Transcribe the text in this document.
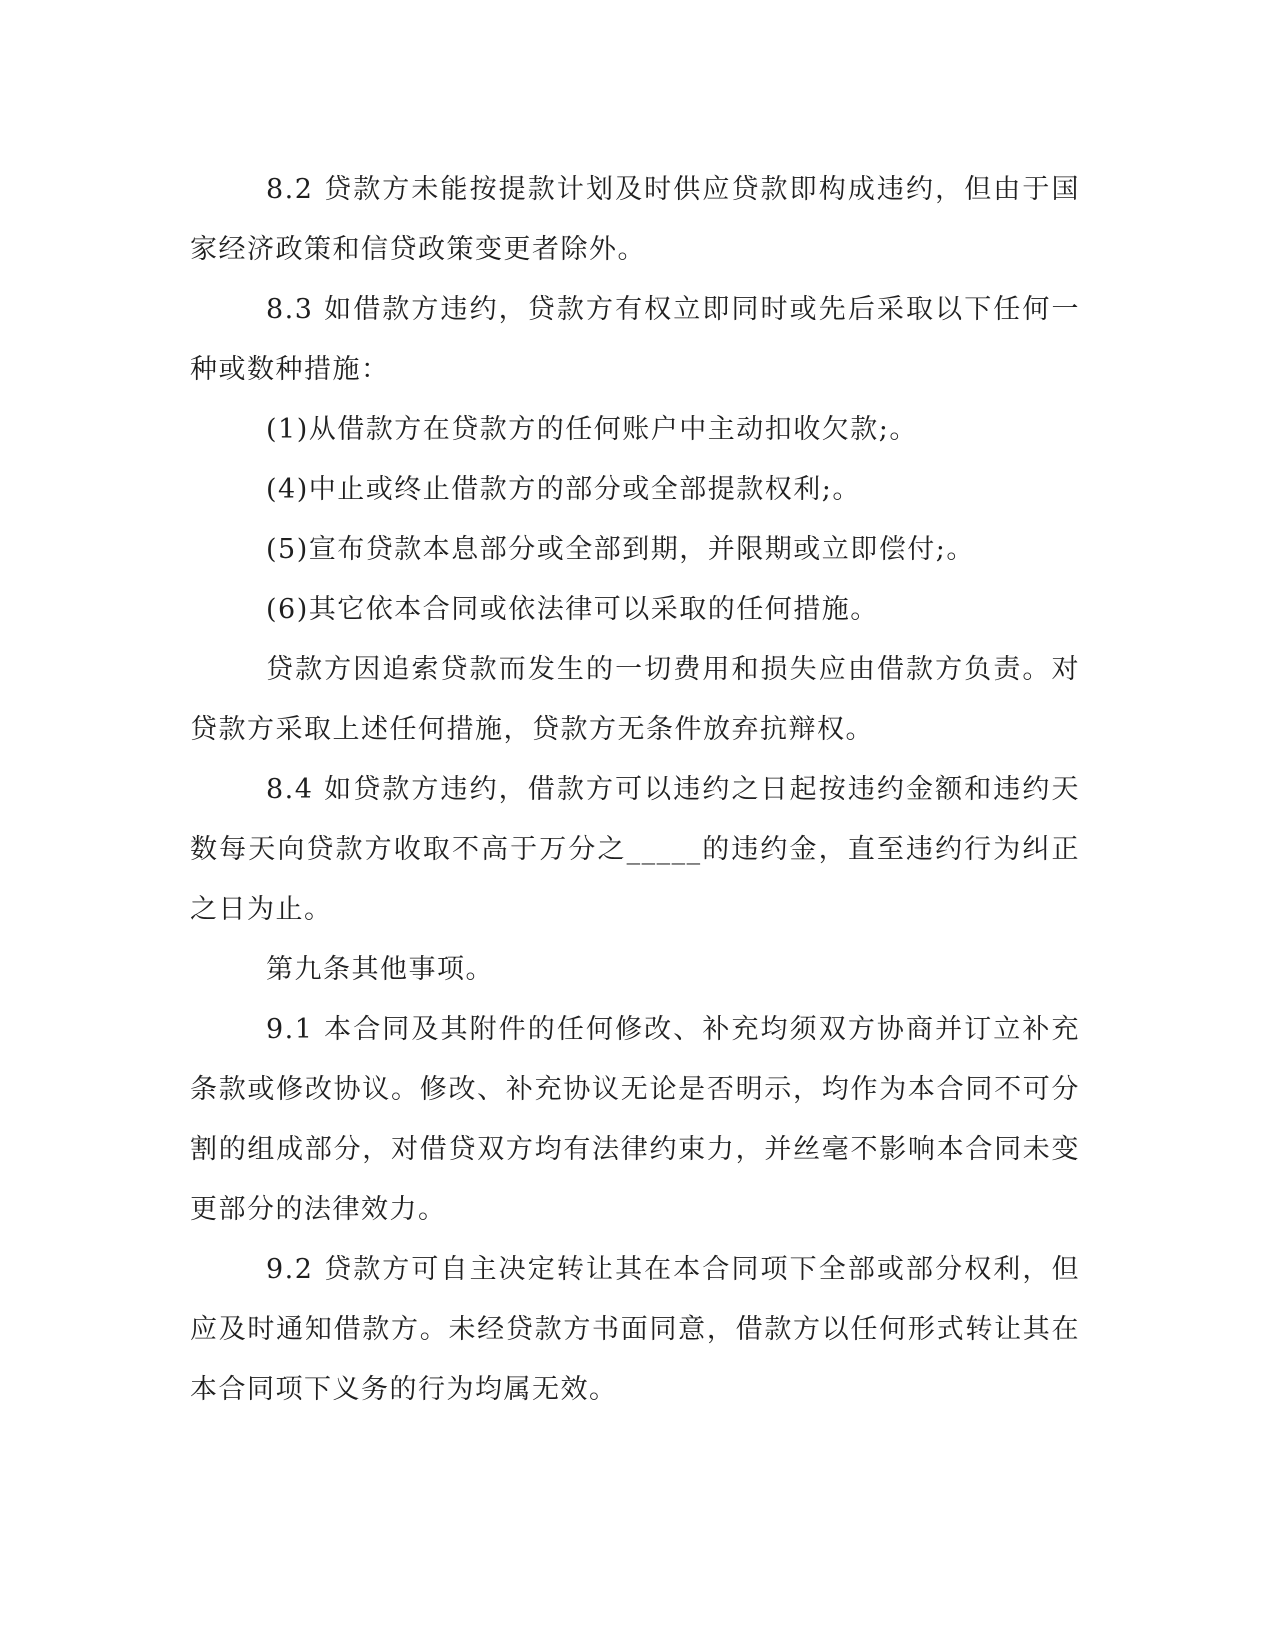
8.2 贷款方未能按提款计划及时供应贷款即构成违约，但由于国家经济政策和信贷政策变更者除外。

8.3 如借款方违约，贷款方有权立即同时或先后采取以下任何一种或数种措施：

(1)从借款方在贷款方的任何账户中主动扣收欠款;。

(4)中止或终止借款方的部分或全部提款权利;。

(5)宣布贷款本息部分或全部到期，并限期或立即偿付;。

(6)其它依本合同或依法律可以采取的任何措施。

贷款方因追索贷款而发生的一切费用和损失应由借款方负责。对贷款方采取上述任何措施，贷款方无条件放弃抗辩权。

8.4 如贷款方违约，借款方可以违约之日起按违约金额和违约天数每天向贷款方收取不高于万分之_____的违约金，直至违约行为纠正之日为止。

第九条其他事项。

9.1 本合同及其附件的任何修改、补充均须双方协商并订立补充条款或修改协议。修改、补充协议无论是否明示，均作为本合同不可分割的组成部分，对借贷双方均有法律约束力，并丝毫不影响本合同未变更部分的法律效力。

9.2 贷款方可自主决定转让其在本合同项下全部或部分权利，但应及时通知借款方。未经贷款方书面同意，借款方以任何形式转让其在本合同项下义务的行为均属无效。
